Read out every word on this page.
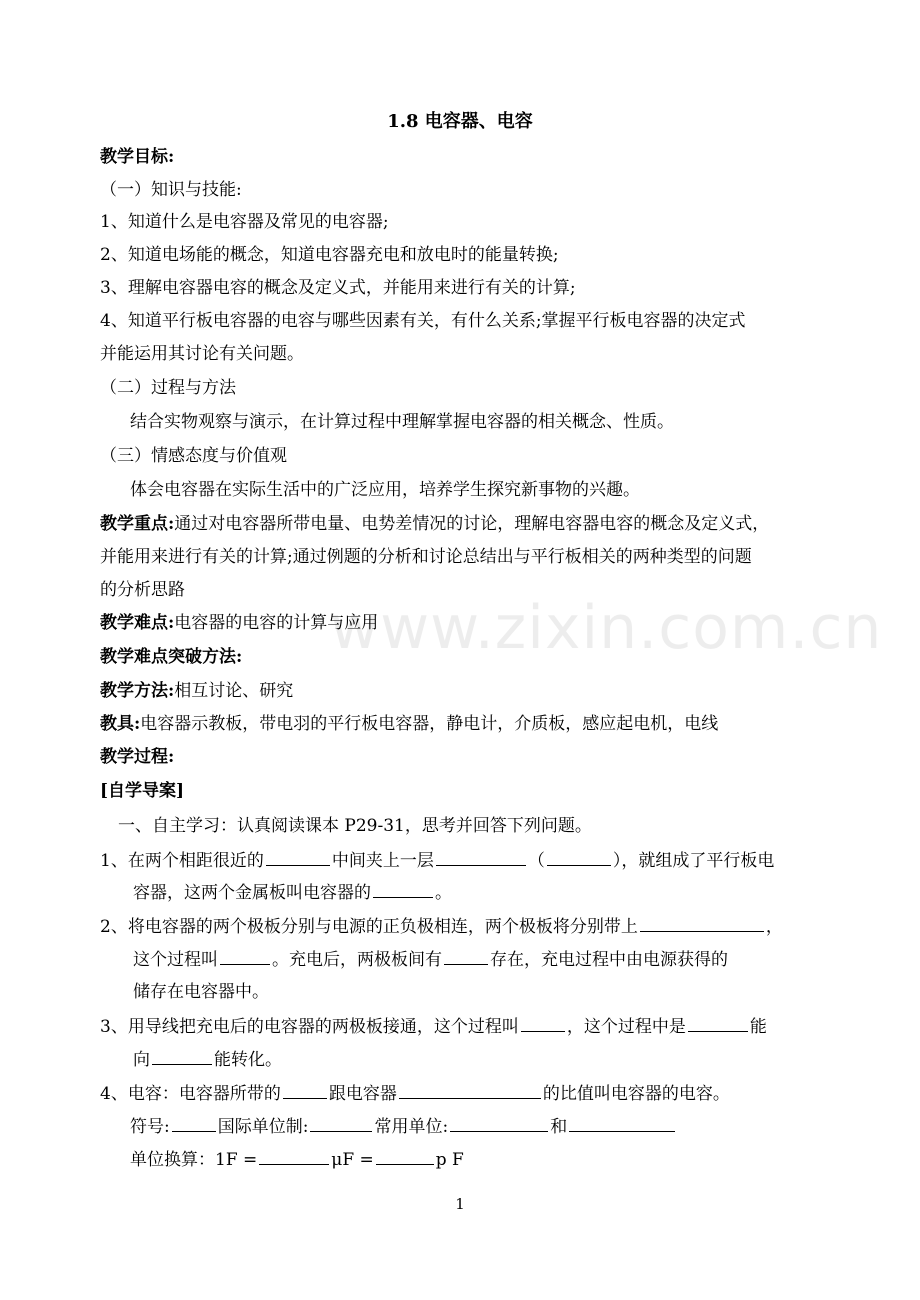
www.zixin.com.cn
1.8 电容器、电容
教学目标:
（一）知识与技能:
1、知道什么是电容器及常见的电容器;
2、知道电场能的概念，知道电容器充电和放电时的能量转换;
3、理解电容器电容的概念及定义式，并能用来进行有关的计算;
4、知道平行板电容器的电容与哪些因素有关，有什么关系;掌握平行板电容器的决定式
并能运用其讨论有关问题。
（二）过程与方法
结合实物观察与演示，在计算过程中理解掌握电容器的相关概念、性质。
（三）情感态度与价值观
体会电容器在实际生活中的广泛应用，培养学生探究新事物的兴趣。
教学重点:通过对电容器所带电量、电势差情况的讨论，理解电容器电容的概念及定义式，
并能用来进行有关的计算;通过例题的分析和讨论总结出与平行板相关的两种类型的问题
的分析思路
教学难点:电容器的电容的计算与应用
教学难点突破方法:
教学方法:相互讨论、研究
教具:电容器示教板，带电羽的平行板电容器，静电计，介质板，感应起电机，电线
教学过程:
[自学导案]
一、自主学习：认真阅读课本 P29-31，思考并回答下列问题。
1、在两个相距很近的	中间夹上一层	（	），就组成了平行板电
容器，这两个金属板叫电容器的	。
2、将电容器的两个极板分别与电源的正负极相连，两个极板将分别带上	，
这个过程叫	。充电后，两极板间有	存在，充电过程中由电源获得的
储存在电容器中。
3、用导线把充电后的电容器的两极板接通，这个过程叫	，这个过程中是	能
向	能转化。
4、电容：电容器所带的	跟电容器	的比值叫电容器的电容。
符号:	国际单位制:	常用单位:	和
单位换算：1F =	μF =	p F
1
